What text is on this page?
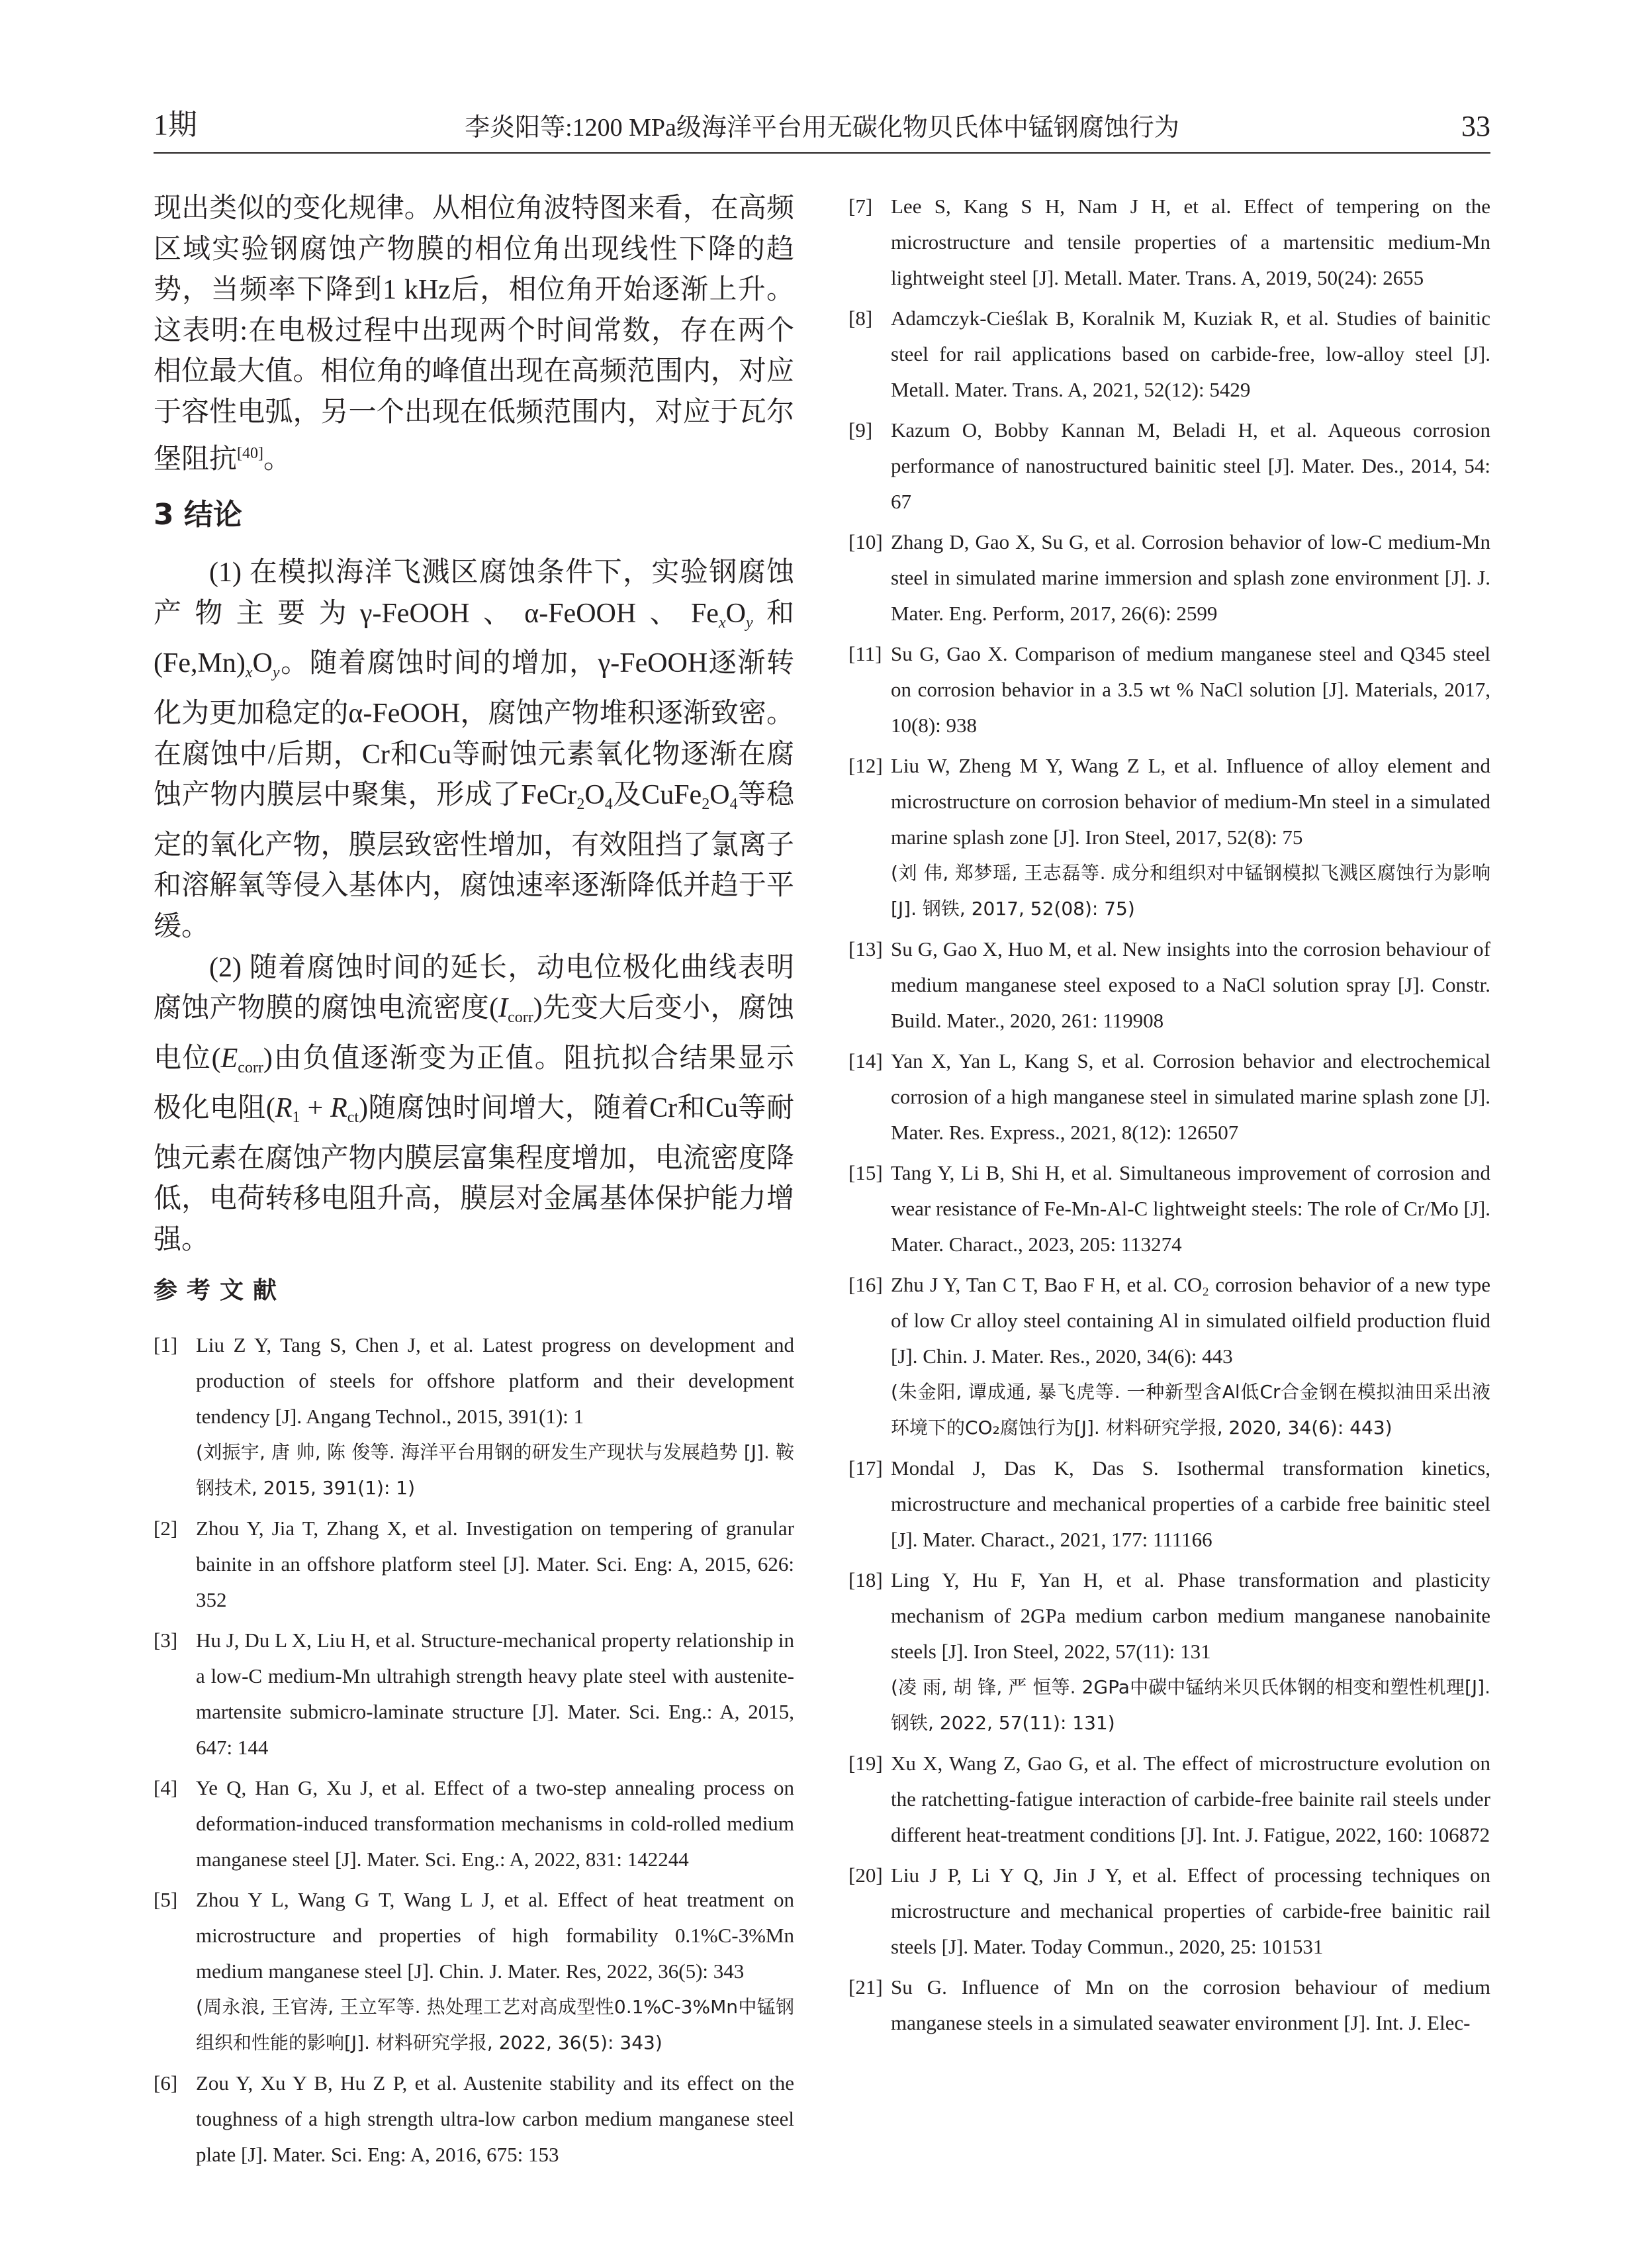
1期	李炎阳等:1200 MPa级海洋平台用无碳化物贝氏体中锰钢腐蚀行为	33

现出类似的变化规律。从相位角波特图来看，在高频区域实验钢腐蚀产物膜的相位角出现线性下降的趋势，当频率下降到1 kHz后，相位角开始逐渐上升。这表明:在电极过程中出现两个时间常数，存在两个相位最大值。相位角的峰值出现在高频范围内，对应于容性电弧，另一个出现在低频范围内，对应于瓦尔堡阻抗[40]。

3 结论

(1) 在模拟海洋飞溅区腐蚀条件下，实验钢腐蚀产物主要为γ-FeOOH、α-FeOOH、$Fe_xO_y$和$(Fe,Mn)_xO_y$。随着腐蚀时间的增加，γ-FeOOH逐渐转化为更加稳定的α-FeOOH，腐蚀产物堆积逐渐致密。在腐蚀中/后期，Cr和Cu等耐蚀元素氧化物逐渐在腐蚀产物内膜层中聚集，形成了$FeCr_2O_4$及$CuFe_2O_4$等稳定的氧化产物，膜层致密性增加，有效阻挡了氯离子和溶解氧等侵入基体内，腐蚀速率逐渐降低并趋于平缓。

(2) 随着腐蚀时间的延长，动电位极化曲线表明腐蚀产物膜的腐蚀电流密度$(I_{corr})$先变大后变小，腐蚀电位$(E_{corr})$由负值逐渐变为正值。阻抗拟合结果显示极化电阻$(R_1 + R_{ct})$随腐蚀时间增大，随着Cr和Cu等耐蚀元素在腐蚀产物内膜层富集程度增加，电流密度降低，电荷转移电阻升高，膜层对金属基体保护能力增强。

参考文献
[1] Liu Z Y, Tang S, Chen J, et al. Latest progress on development and production of steels for offshore platform and their development tendency [J]. Angang Technol., 2015, 391(1): 1
(刘振宇, 唐 帅, 陈 俊等. 海洋平台用钢的研发生产现状与发展趋势 [J]. 鞍钢技术, 2015, 391(1): 1)
[2] Zhou Y, Jia T, Zhang X, et al. Investigation on tempering of granular bainite in an offshore platform steel [J]. Mater. Sci. Eng: A, 2015, 626: 352
[3] Hu J, Du L X, Liu H, et al. Structure-mechanical property relationship in a low-C medium-Mn ultrahigh strength heavy plate steel with austenite-martensite submicro-laminate structure [J]. Mater. Sci. Eng.: A, 2015, 647: 144
[4] Ye Q, Han G, Xu J, et al. Effect of a two-step annealing process on deformation-induced transformation mechanisms in cold-rolled medium manganese steel [J]. Mater. Sci. Eng.: A, 2022, 831: 142244
[5] Zhou Y L, Wang G T, Wang L J, et al. Effect of heat treatment on microstructure and properties of high formability 0.1%C-3%Mn medium manganese steel [J]. Chin. J. Mater. Res, 2022, 36(5): 343
(周永浪, 王官涛, 王立军等. 热处理工艺对高成型性0.1%C-3%Mn中锰钢组织和性能的影响[J]. 材料研究学报, 2022, 36(5): 343)
[6] Zou Y, Xu Y B, Hu Z P, et al. Austenite stability and its effect on the toughness of a high strength ultra-low carbon medium manganese steel plate [J]. Mater. Sci. Eng: A, 2016, 675: 153
[7] Lee S, Kang S H, Nam J H, et al. Effect of tempering on the microstructure and tensile properties of a martensitic medium-Mn lightweight steel [J]. Metall. Mater. Trans. A, 2019, 50(24): 2655
[8] Adamczyk-Cieślak B, Koralnik M, Kuziak R, et al. Studies of bainitic steel for rail applications based on carbide-free, low-alloy steel [J]. Metall. Mater. Trans. A, 2021, 52(12): 5429
[9] Kazum O, Bobby Kannan M, Beladi H, et al. Aqueous corrosion performance of nanostructured bainitic steel [J]. Mater. Des., 2014, 54: 67
[10] Zhang D, Gao X, Su G, et al. Corrosion behavior of low-C medium-Mn steel in simulated marine immersion and splash zone environment [J]. J. Mater. Eng. Perform, 2017, 26(6): 2599
[11] Su G, Gao X. Comparison of medium manganese steel and Q345 steel on corrosion behavior in a 3.5 wt % NaCl solution [J]. Materials, 2017, 10(8): 938
[12] Liu W, Zheng M Y, Wang Z L, et al. Influence of alloy element and microstructure on corrosion behavior of medium-Mn steel in a simulated marine splash zone [J]. Iron Steel, 2017, 52(8): 75
(刘 伟, 郑梦瑶, 王志磊等. 成分和组织对中锰钢模拟飞溅区腐蚀行为影响 [J]. 钢铁, 2017, 52(08): 75)
[13] Su G, Gao X, Huo M, et al. New insights into the corrosion behaviour of medium manganese steel exposed to a NaCl solution spray [J]. Constr. Build. Mater., 2020, 261: 119908
[14] Yan X, Yan L, Kang S, et al. Corrosion behavior and electrochemical corrosion of a high manganese steel in simulated marine splash zone [J]. Mater. Res. Express., 2021, 8(12): 126507
[15] Tang Y, Li B, Shi H, et al. Simultaneous improvement of corrosion and wear resistance of Fe-Mn-Al-C lightweight steels: The role of Cr/Mo [J]. Mater. Charact., 2023, 205: 113274
[16] Zhu J Y, Tan C T, Bao F H, et al. CO₂ corrosion behavior of a new type of low Cr alloy steel containing Al in simulated oilfield production fluid [J]. Chin. J. Mater. Res., 2020, 34(6): 443
(朱金阳, 谭成通, 暴飞虎等. 一种新型含Al低Cr合金钢在模拟油田采出液环境下的CO₂腐蚀行为[J]. 材料研究学报, 2020, 34(6): 443)
[17] Mondal J, Das K, Das S. Isothermal transformation kinetics, microstructure and mechanical properties of a carbide free bainitic steel [J]. Mater. Charact., 2021, 177: 111166
[18] Ling Y, Hu F, Yan H, et al. Phase transformation and plasticity mechanism of 2GPa medium carbon medium manganese nanobainite steels [J]. Iron Steel, 2022, 57(11): 131
(凌 雨, 胡 锋, 严 恒等. 2GPa中碳中锰纳米贝氏体钢的相变和塑性机理[J]. 钢铁, 2022, 57(11): 131)
[19] Xu X, Wang Z, Gao G, et al. The effect of microstructure evolution on the ratchetting-fatigue interaction of carbide-free bainite rail steels under different heat-treatment conditions [J]. Int. J. Fatigue, 2022, 160: 106872
[20] Liu J P, Li Y Q, Jin J Y, et al. Effect of processing techniques on microstructure and mechanical properties of carbide-free bainitic rail steels [J]. Mater. Today Commun., 2020, 25: 101531
[21] Su G. Influence of Mn on the corrosion behaviour of medium manganese steels in a simulated seawater environment [J]. Int. J. Elec-
